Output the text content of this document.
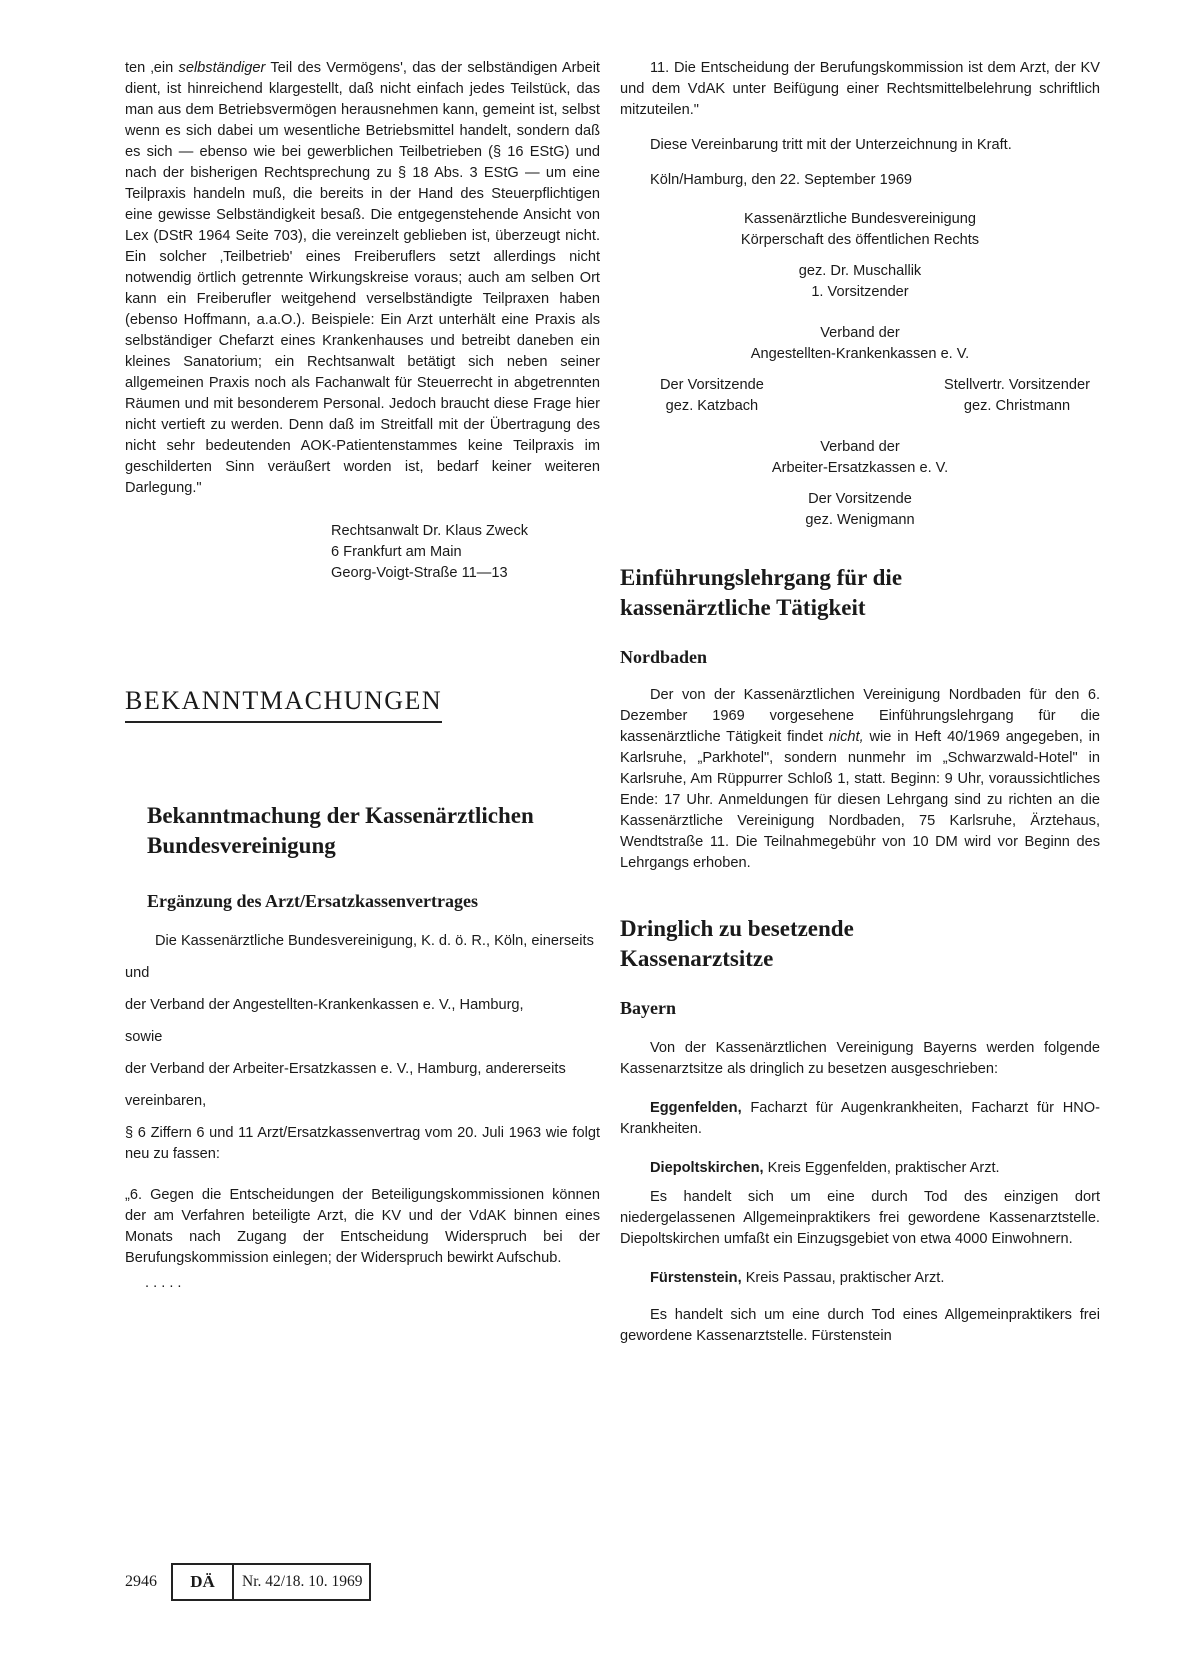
ten ‚ein selbständiger Teil des Vermögens', das der selbständigen Arbeit dient, ist hinreichend klargestellt, daß nicht einfach jedes Teilstück, das man aus dem Betriebsvermögen herausnehmen kann, gemeint ist, selbst wenn es sich dabei um wesentliche Betriebsmittel handelt, sondern daß es sich — ebenso wie bei gewerblichen Teilbetrieben (§ 16 EStG) und nach der bisherigen Rechtsprechung zu § 18 Abs. 3 EStG — um eine Teilpraxis handeln muß, die bereits in der Hand des Steuerpflichtigen eine gewisse Selbständigkeit besaß. Die entgegenstehende Ansicht von Lex (DStR 1964 Seite 703), die vereinzelt geblieben ist, überzeugt nicht. Ein solcher ‚Teilbetrieb' eines Freiberuflers setzt allerdings nicht notwendig örtlich getrennte Wirkungskreise voraus; auch am selben Ort kann ein Freiberufler weitgehend verselbständigte Teilpraxen haben (ebenso Hoffmann, a.a.O.). Beispiele: Ein Arzt unterhält eine Praxis als selbständiger Chefarzt eines Krankenhauses und betreibt daneben ein kleines Sanatorium; ein Rechtsanwalt betätigt sich neben seiner allgemeinen Praxis noch als Fachanwalt für Steuerrecht in abgetrennten Räumen und mit besonderem Personal. Jedoch braucht diese Frage hier nicht vertieft zu werden. Denn daß im Streitfall mit der Übertragung des nicht sehr bedeutenden AOK-Patientenstammes keine Teilpraxis im geschilderten Sinn veräußert worden ist, bedarf keiner weiteren Darlegung."

Rechtsanwalt Dr. Klaus Zweck
6 Frankfurt am Main
Georg-Voigt-Straße 11—13
BEKANNTMACHUNGEN
Bekanntmachung der Kassenärztlichen Bundesvereinigung
Ergänzung des Arzt/Ersatzkassenvertrages

Die Kassenärztliche Bundesvereinigung, K. d. ö. R., Köln, einerseits

und

der Verband der Angestellten-Krankenkassen e. V., Hamburg,

sowie

der Verband der Arbeiter-Ersatzkassen e. V., Hamburg, andererseits

vereinbaren,

§ 6 Ziffern 6 und 11 Arzt/Ersatzkassenvertrag vom 20. Juli 1963 wie folgt neu zu fassen:

„6. Gegen die Entscheidungen der Beteiligungskommissionen können der am Verfahren beteiligte Arzt, die KV und der VdAK binnen eines Monats nach Zugang der Entscheidung Widerspruch bei der Berufungskommission einlegen; der Widerspruch bewirkt Aufschub.

. . . . .

11. Die Entscheidung der Berufungskommission ist dem Arzt, der KV und dem VdAK unter Beifügung einer Rechtsmittelbelehrung schriftlich mitzuteilen."

Diese Vereinbarung tritt mit der Unterzeichnung in Kraft.

Köln/Hamburg, den 22. September 1969

Kassenärztliche Bundesvereinigung

Körperschaft des öffentlichen Rechts

gez. Dr. Muschallik

1. Vorsitzender

Verband der

Angestellten-Krankenkassen e. V.

Der Vorsitzende
gez. Katzbach
Stellvertr. Vorsitzender
gez. Christmann

Verband der

Arbeiter-Ersatzkassen e. V.

Der Vorsitzende

gez. Wenigmann

Einführungslehrgang für die kassenärztliche Tätigkeit
Nordbaden

Der von der Kassenärztlichen Vereinigung Nordbaden für den 6. Dezember 1969 vorgesehene Einführungslehrgang für die kassenärztliche Tätigkeit findet nicht, wie in Heft 40/1969 angegeben, in Karlsruhe, „Parkhotel", sondern nunmehr im „Schwarzwald-Hotel" in Karlsruhe, Am Rüppurrer Schloß 1, statt. Beginn: 9 Uhr, voraussichtliches Ende: 17 Uhr. Anmeldungen für diesen Lehrgang sind zu richten an die Kassenärztliche Vereinigung Nordbaden, 75 Karlsruhe, Ärztehaus, Wendtstraße 11. Die Teilnahmegebühr von 10 DM wird vor Beginn des Lehrgangs erhoben.

Dringlich zu besetzende Kassenarztsitze
Bayern

Von der Kassenärztlichen Vereinigung Bayerns werden folgende Kassenarztsitze als dringlich zu besetzen ausgeschrieben:

Eggenfelden, Facharzt für Augenkrankheiten, Facharzt für HNO-Krankheiten.

Diepoltskirchen, Kreis Eggenfelden, praktischer Arzt.

Es handelt sich um eine durch Tod des einzigen dort niedergelassenen Allgemeinpraktikers frei gewordene Kassenarztstelle. Diepoltskirchen umfaßt ein Einzugsgebiet von etwa 4000 Einwohnern.

Fürstenstein, Kreis Passau, praktischer Arzt.

Es handelt sich um eine durch Tod eines Allgemeinpraktikers frei gewordene Kassenarztstelle. Fürstenstein

2946	DÄ	Nr. 42/18. 10. 1969
